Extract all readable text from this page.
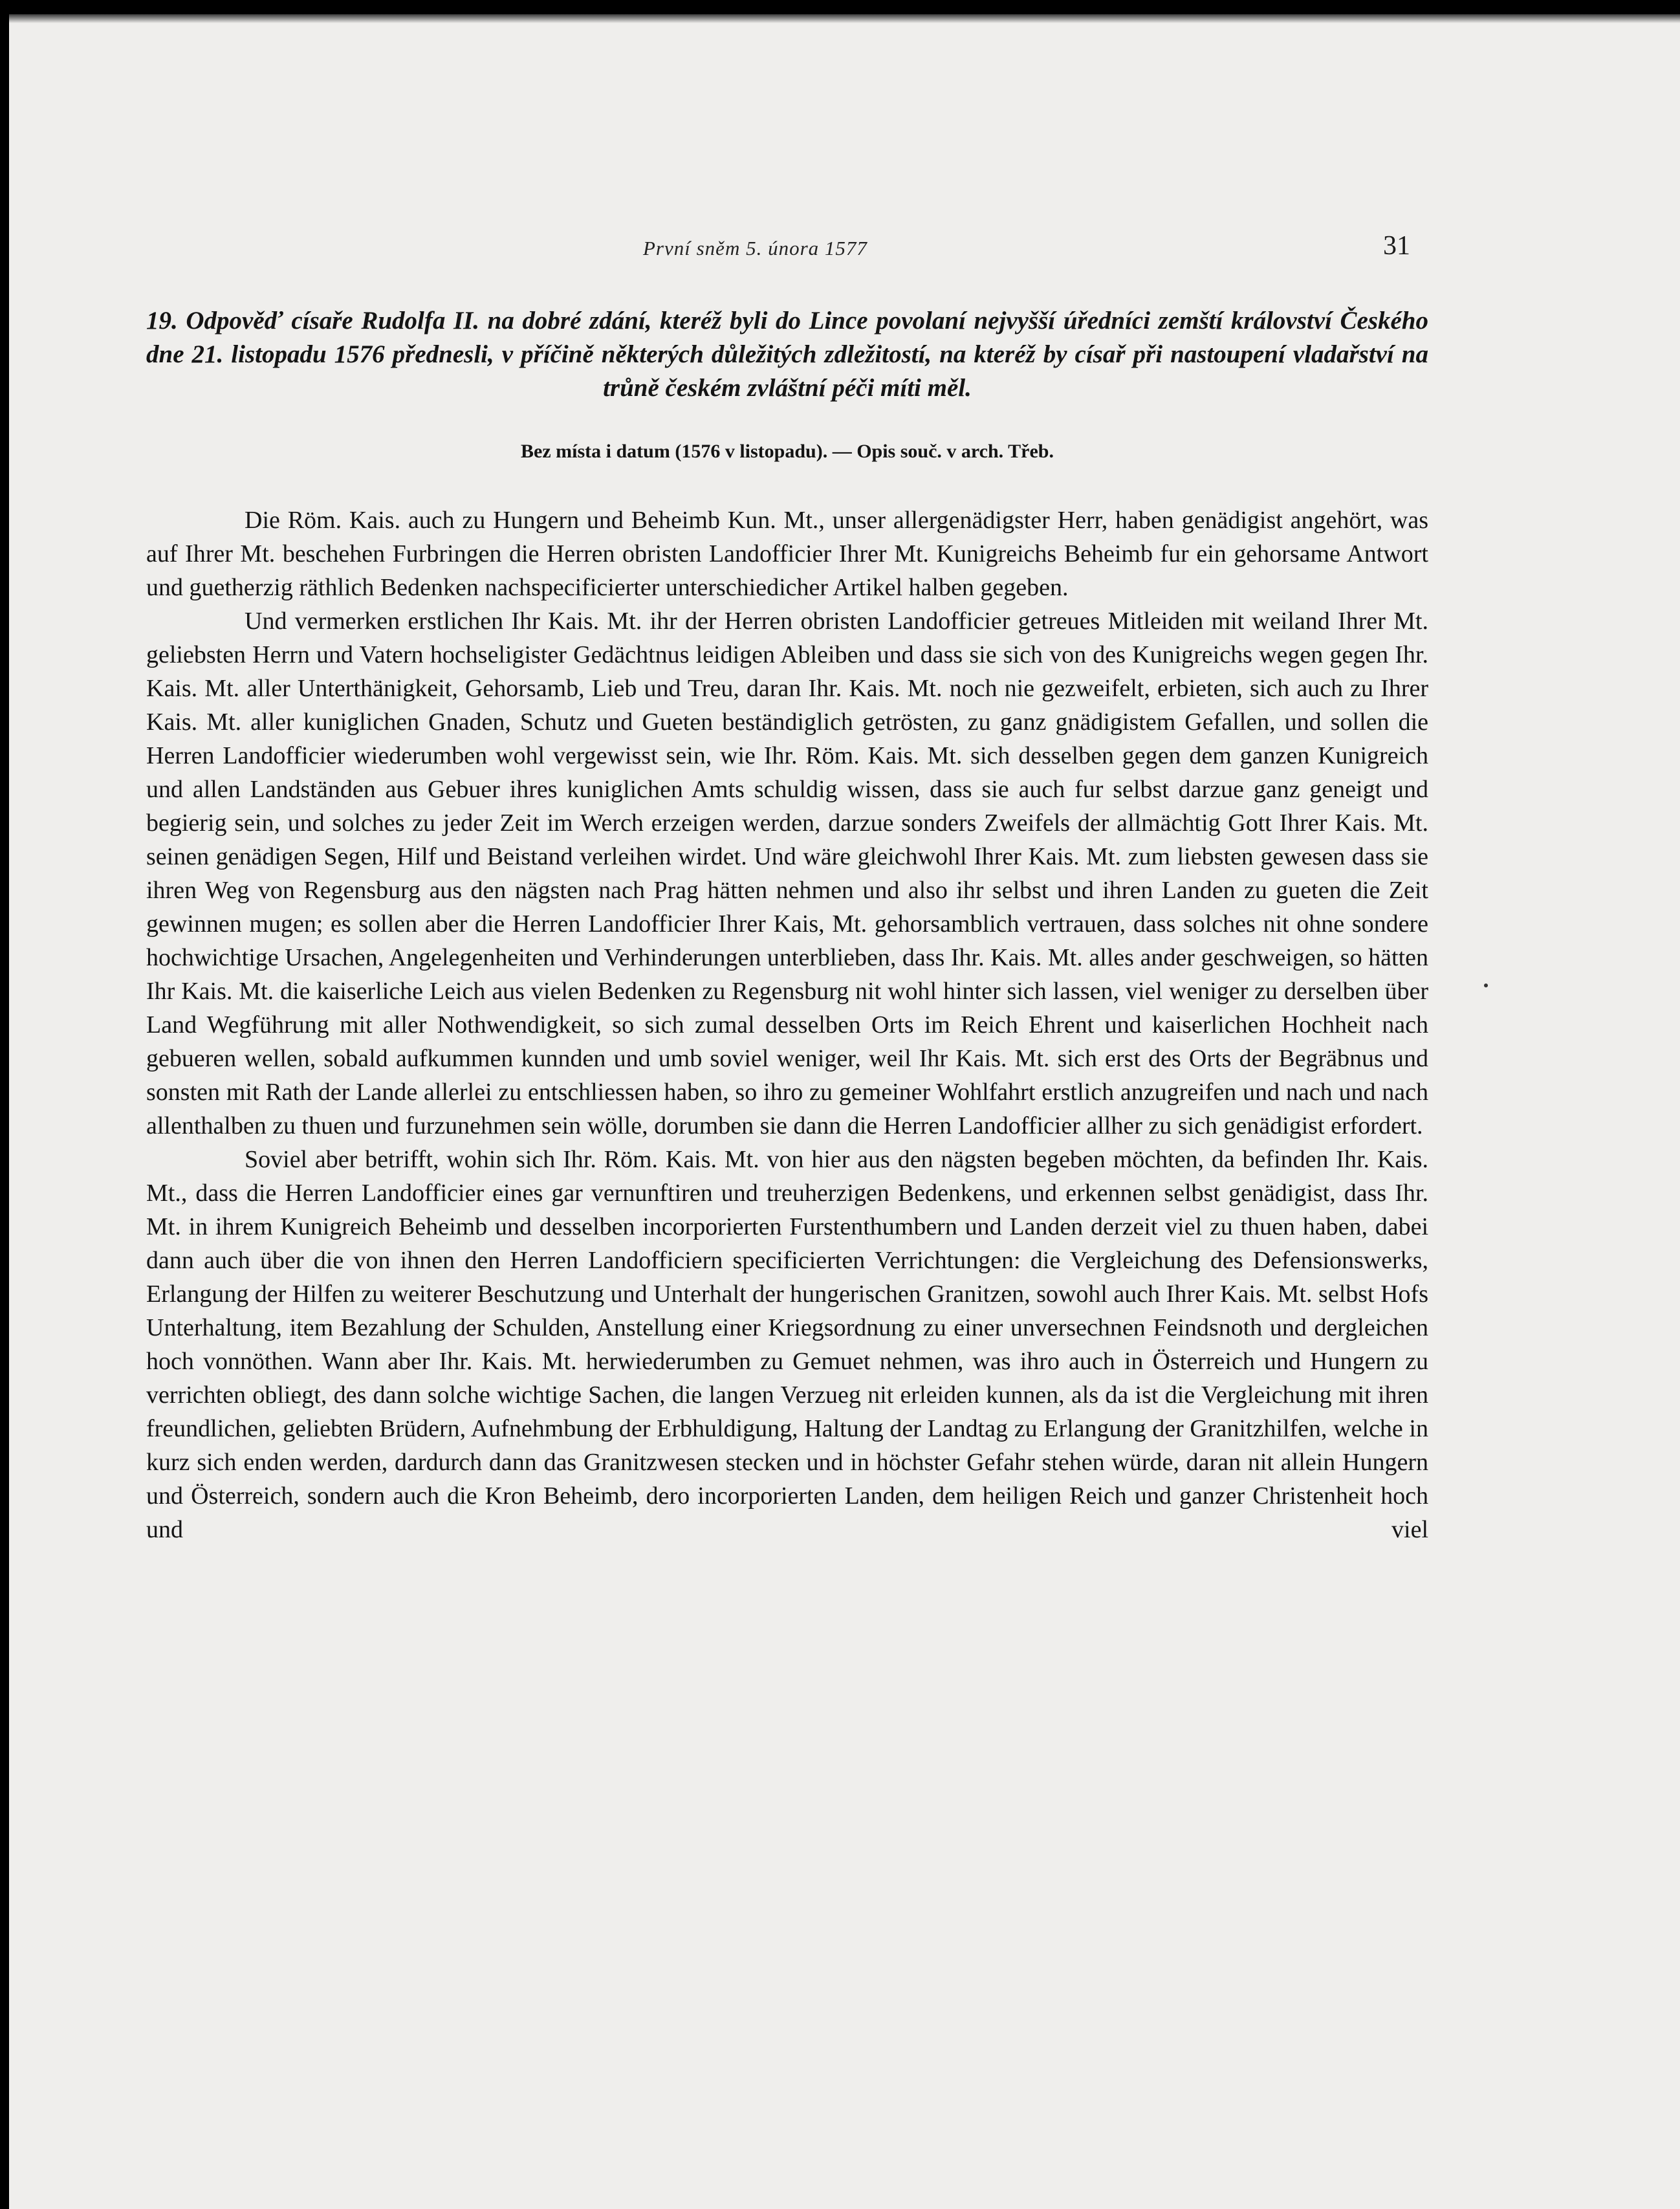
První sněm 5. února 1577	31
19. Odpověď císaře Rudolfa II. na dobré zdání, kteréž byli do Lince povolaní nejvyšší úředníci zemští království Českého dne 21. listopadu 1576 přednesli, v příčině některých důležitých zdležitostí, na kteréž by císař při nastoupení vladařství na trůně českém zvláštní péči míti měl.
Bez místa i datum (1576 v listopadu). — Opis souč. v arch. Třeb.

Die Röm. Kais. auch zu Hungern und Beheimb Kun. Mt., unser allergenädigster Herr, haben genädigist angehört, was auf Ihrer Mt. beschehen Furbringen die Herren obristen Landofficier Ihrer Mt. Kunigreichs Beheimb fur ein gehorsame Antwort und guetherzig räthlich Bedenken nachspecificierter unterschiedicher Artikel halben gegeben.

Und vermerken erstlichen Ihr Kais. Mt. ihr der Herren obristen Landofficier getreues Mitleiden mit weiland Ihrer Mt. geliebsten Herrn und Vatern hochseligister Gedächtnus leidigen Ableiben und dass sie sich von des Kunigreichs wegen gegen Ihr. Kais. Mt. aller Unterthänigkeit, Gehorsamb, Lieb und Treu, daran Ihr. Kais. Mt. noch nie gezweifelt, erbieten, sich auch zu Ihrer Kais. Mt. aller kuniglichen Gnaden, Schutz und Gueten beständiglich getrösten, zu ganz gnädigistem Gefallen, und sollen die Herren Landofficier wiederumben wohl vergewisst sein, wie Ihr. Röm. Kais. Mt. sich desselben gegen dem ganzen Kunigreich und allen Landständen aus Gebuer ihres kuniglichen Amts schuldig wissen, dass sie auch fur selbst darzue ganz geneigt und begierig sein, und solches zu jeder Zeit im Werch erzeigen werden, darzue sonders Zweifels der allmächtig Gott Ihrer Kais. Mt. seinen genädigen Segen, Hilf und Beistand verleihen wirdet. Und wäre gleichwohl Ihrer Kais. Mt. zum liebsten gewesen dass sie ihren Weg von Regensburg aus den nägsten nach Prag hätten nehmen und also ihr selbst und ihren Landen zu gueten die Zeit gewinnen mugen; es sollen aber die Herren Landofficier Ihrer Kais, Mt. gehorsamblich vertrauen, dass solches nit ohne sondere hochwichtige Ursachen, Angelegenheiten und Verhinderungen unterblieben, dass Ihr. Kais. Mt. alles ander geschweigen, so hätten Ihr Kais. Mt. die kaiserliche Leich aus vielen Bedenken zu Regensburg nit wohl hinter sich lassen, viel weniger zu derselben über Land Wegführung mit aller Nothwendigkeit, so sich zumal desselben Orts im Reich Ehrent und kaiserlichen Hochheit nach gebueren wellen, sobald aufkummen kunnden und umb soviel weniger, weil Ihr Kais. Mt. sich erst des Orts der Begräbnus und sonsten mit Rath der Lande allerlei zu entschliessen haben, so ihro zu gemeiner Wohlfahrt erstlich anzugreifen und nach und nach allenthalben zu thuen und furzunehmen sein wölle, dorumben sie dann die Herren Landofficier allher zu sich genädigist erfordert.

Soviel aber betrifft, wohin sich Ihr. Röm. Kais. Mt. von hier aus den nägsten begeben möchten, da befinden Ihr. Kais. Mt., dass die Herren Landofficier eines gar vernunftiren und treuherzigen Bedenkens, und erkennen selbst genädigist, dass Ihr. Mt. in ihrem Kunigreich Beheimb und desselben incorporierten Furstenthumbern und Landen derzeit viel zu thuen haben, dabei dann auch über die von ihnen den Herren Landofficiern specificierten Verrichtungen: die Vergleichung des Defensionswerks, Erlangung der Hilfen zu weiterer Beschutzung und Unterhalt der hungerischen Granitzen, sowohl auch Ihrer Kais. Mt. selbst Hofs Unterhaltung, item Bezahlung der Schulden, Anstellung einer Kriegsordnung zu einer unversechnen Feindsnoth und dergleichen hoch vonnöthen. Wann aber Ihr. Kais. Mt. herwiederumben zu Gemuet nehmen, was ihro auch in Österreich und Hungern zu verrichten obliegt, des dann solche wichtige Sachen, die langen Verzueg nit erleiden kunnen, als da ist die Vergleichung mit ihren freundlichen, geliebten Brüdern, Aufnehmbung der Erbhuldigung, Haltung der Landtag zu Erlangung der Granitzhilfen, welche in kurz sich enden werden, dardurch dann das Granitzwesen stecken und in höchster Gefahr stehen würde, daran nit allein Hungern und Österreich, sondern auch die Kron Beheimb, dero incorporierten Landen, dem heiligen Reich und ganzer Christenheit hoch und viel
